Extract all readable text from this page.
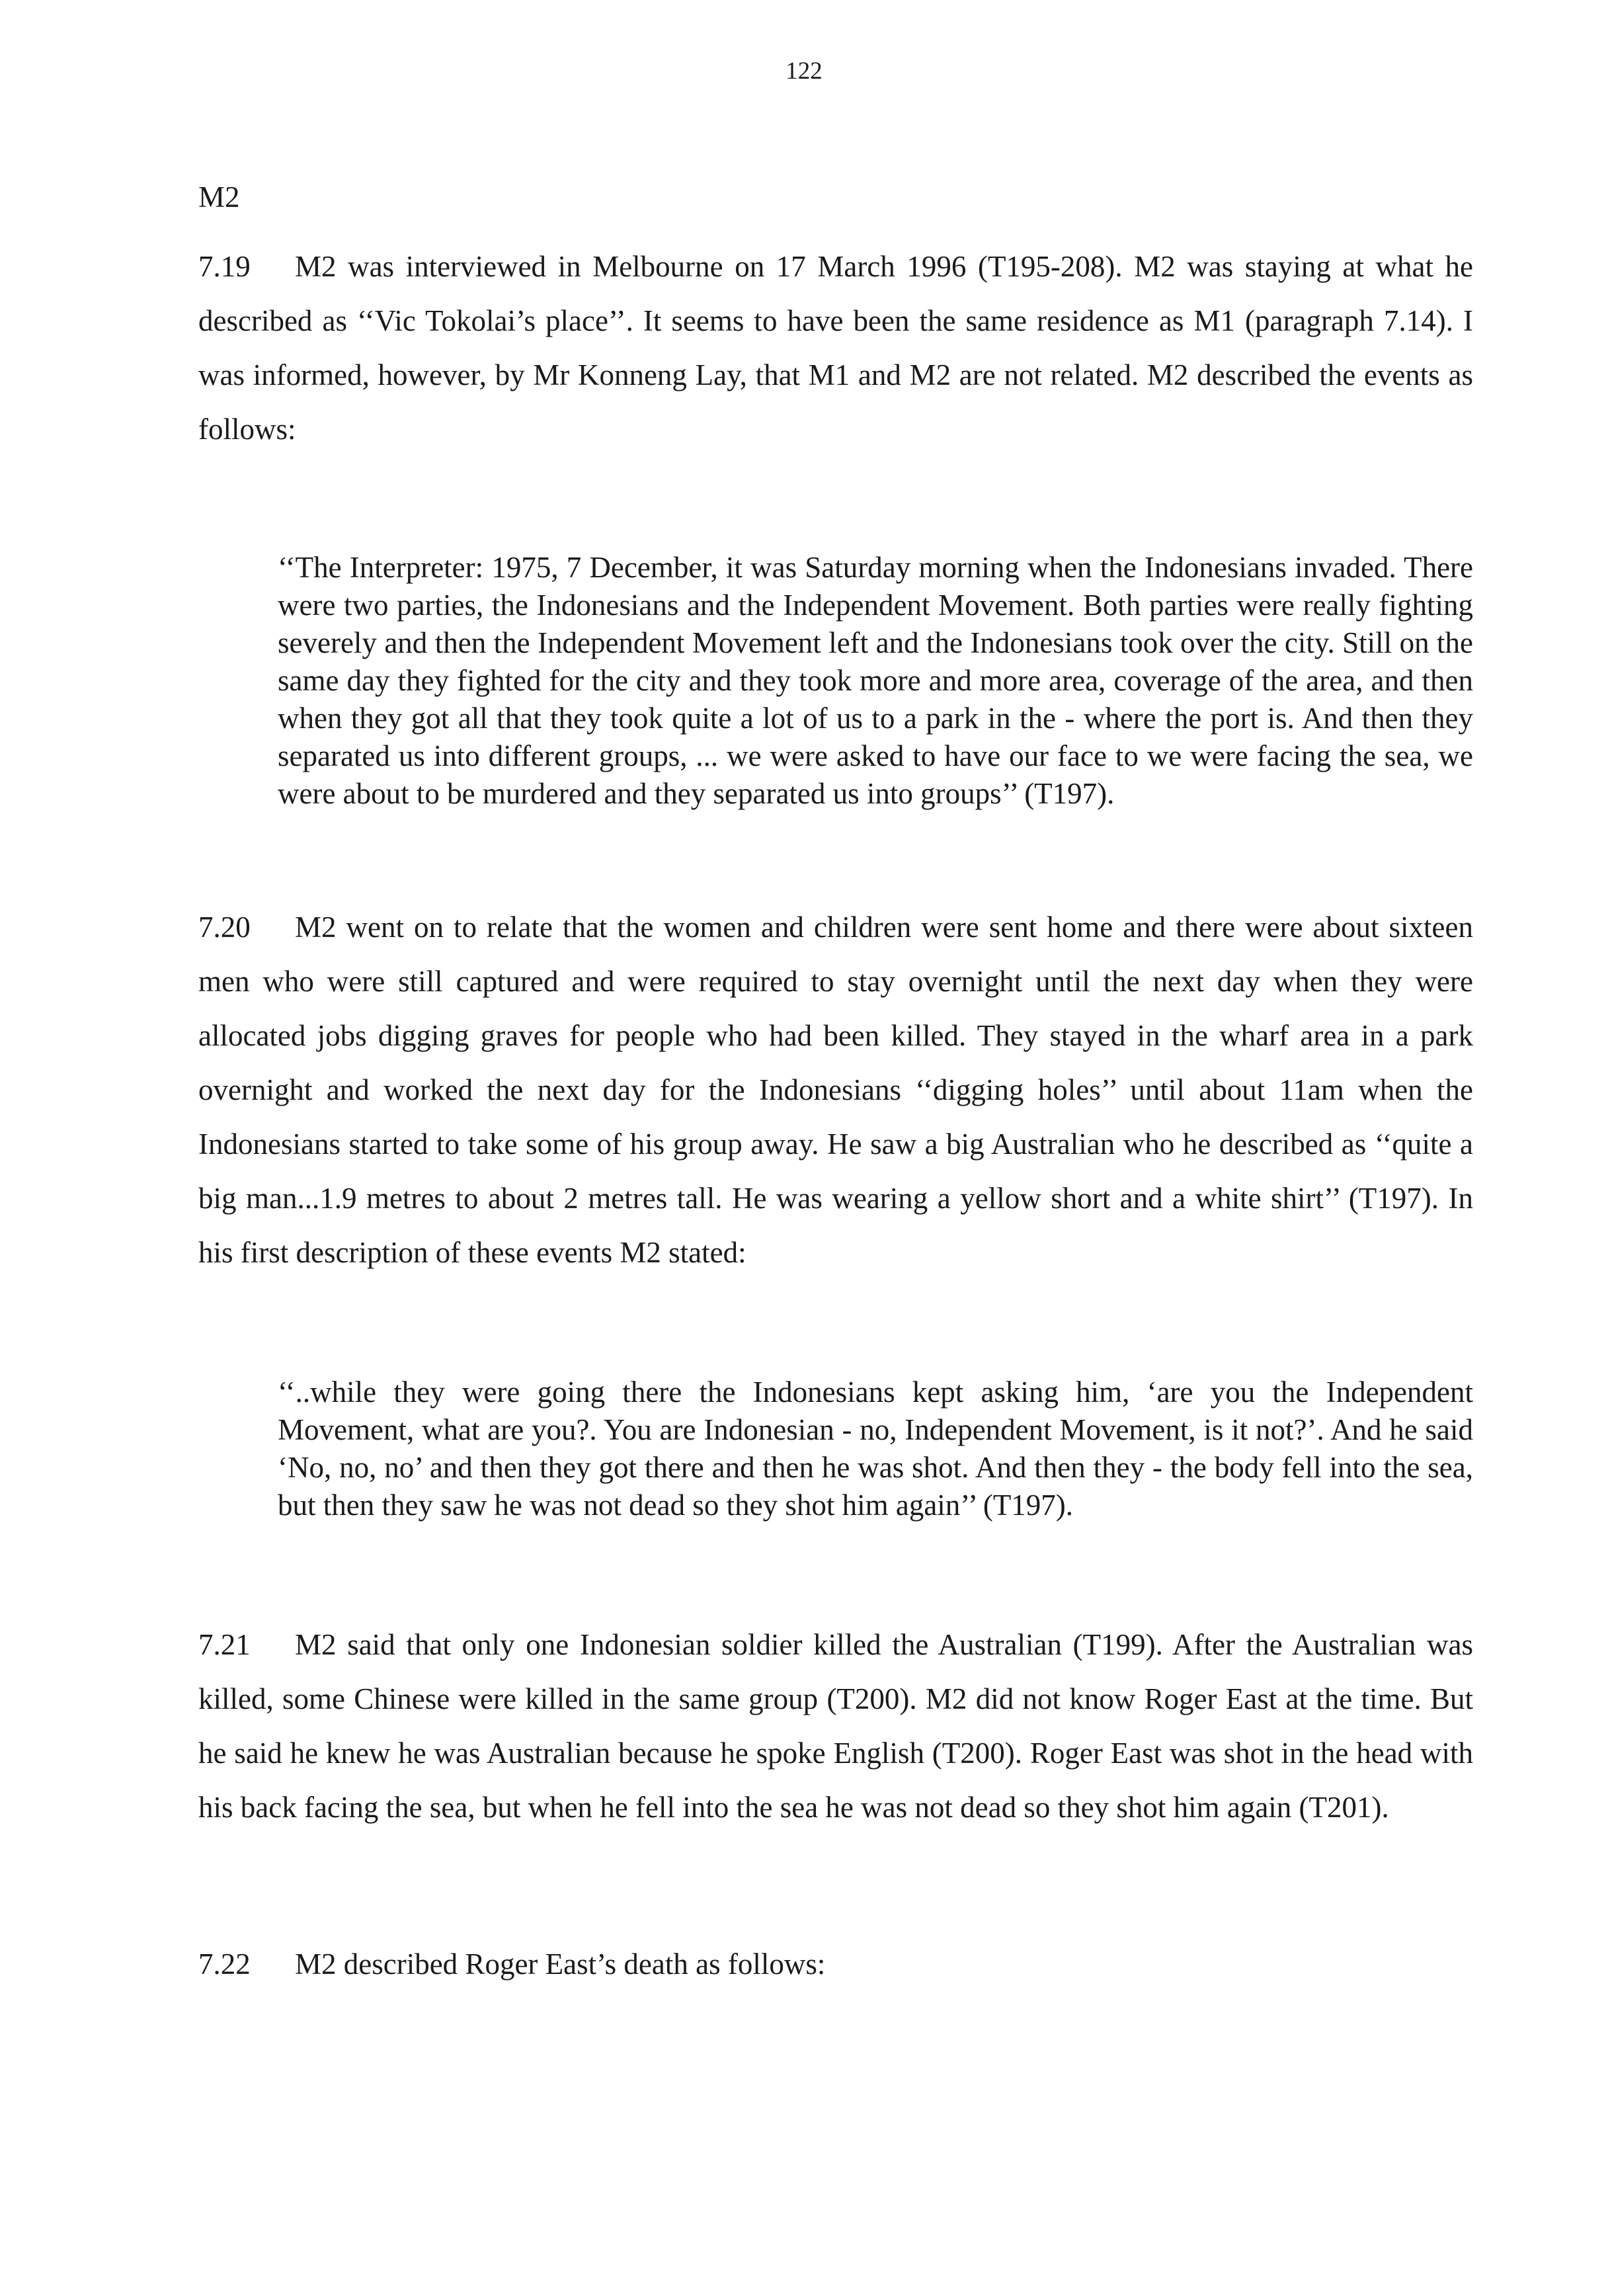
122
M2

7.19 M2 was interviewed in Melbourne on 17 March 1996 (T195-208). M2 was staying at what he described as ‘‘Vic Tokolai’s place’’. It seems to have been the same residence as M1 (paragraph 7.14). I was informed, however, by Mr Konneng Lay, that M1 and M2 are not related. M2 described the events as follows:

‘‘The Interpreter: 1975, 7 December, it was Saturday morning when the Indonesians invaded. There were two parties, the Indonesians and the Independent Movement. Both parties were really fighting severely and then the Independent Movement left and the Indonesians took over the city. Still on the same day they fighted for the city and they took more and more area, coverage of the area, and then when they got all that they took quite a lot of us to a park in the - where the port is. And then they separated us into different groups, ... we were asked to have our face to we were facing the sea, we were about to be murdered and they separated us into groups’’ (T197).

7.20 M2 went on to relate that the women and children were sent home and there were about sixteen men who were still captured and were required to stay overnight until the next day when they were allocated jobs digging graves for people who had been killed. They stayed in the wharf area in a park overnight and worked the next day for the Indonesians ‘‘digging holes’’ until about 11am when the Indonesians started to take some of his group away. He saw a big Australian who he described as ‘‘quite a big man...1.9 metres to about 2 metres tall. He was wearing a yellow short and a white shirt’’ (T197). In his first description of these events M2 stated:

‘‘..while they were going there the Indonesians kept asking him, ‘are you the Independent Movement, what are you?. You are Indonesian - no, Independent Movement, is it not?’. And he said ‘No, no, no’ and then they got there and then he was shot. And then they - the body fell into the sea, but then they saw he was not dead so they shot him again’’ (T197).

7.21 M2 said that only one Indonesian soldier killed the Australian (T199). After the Australian was killed, some Chinese were killed in the same group (T200). M2 did not know Roger East at the time. But he said he knew he was Australian because he spoke English (T200). Roger East was shot in the head with his back facing the sea, but when he fell into the sea he was not dead so they shot him again (T201).

7.22 M2 described Roger East’s death as follows:
